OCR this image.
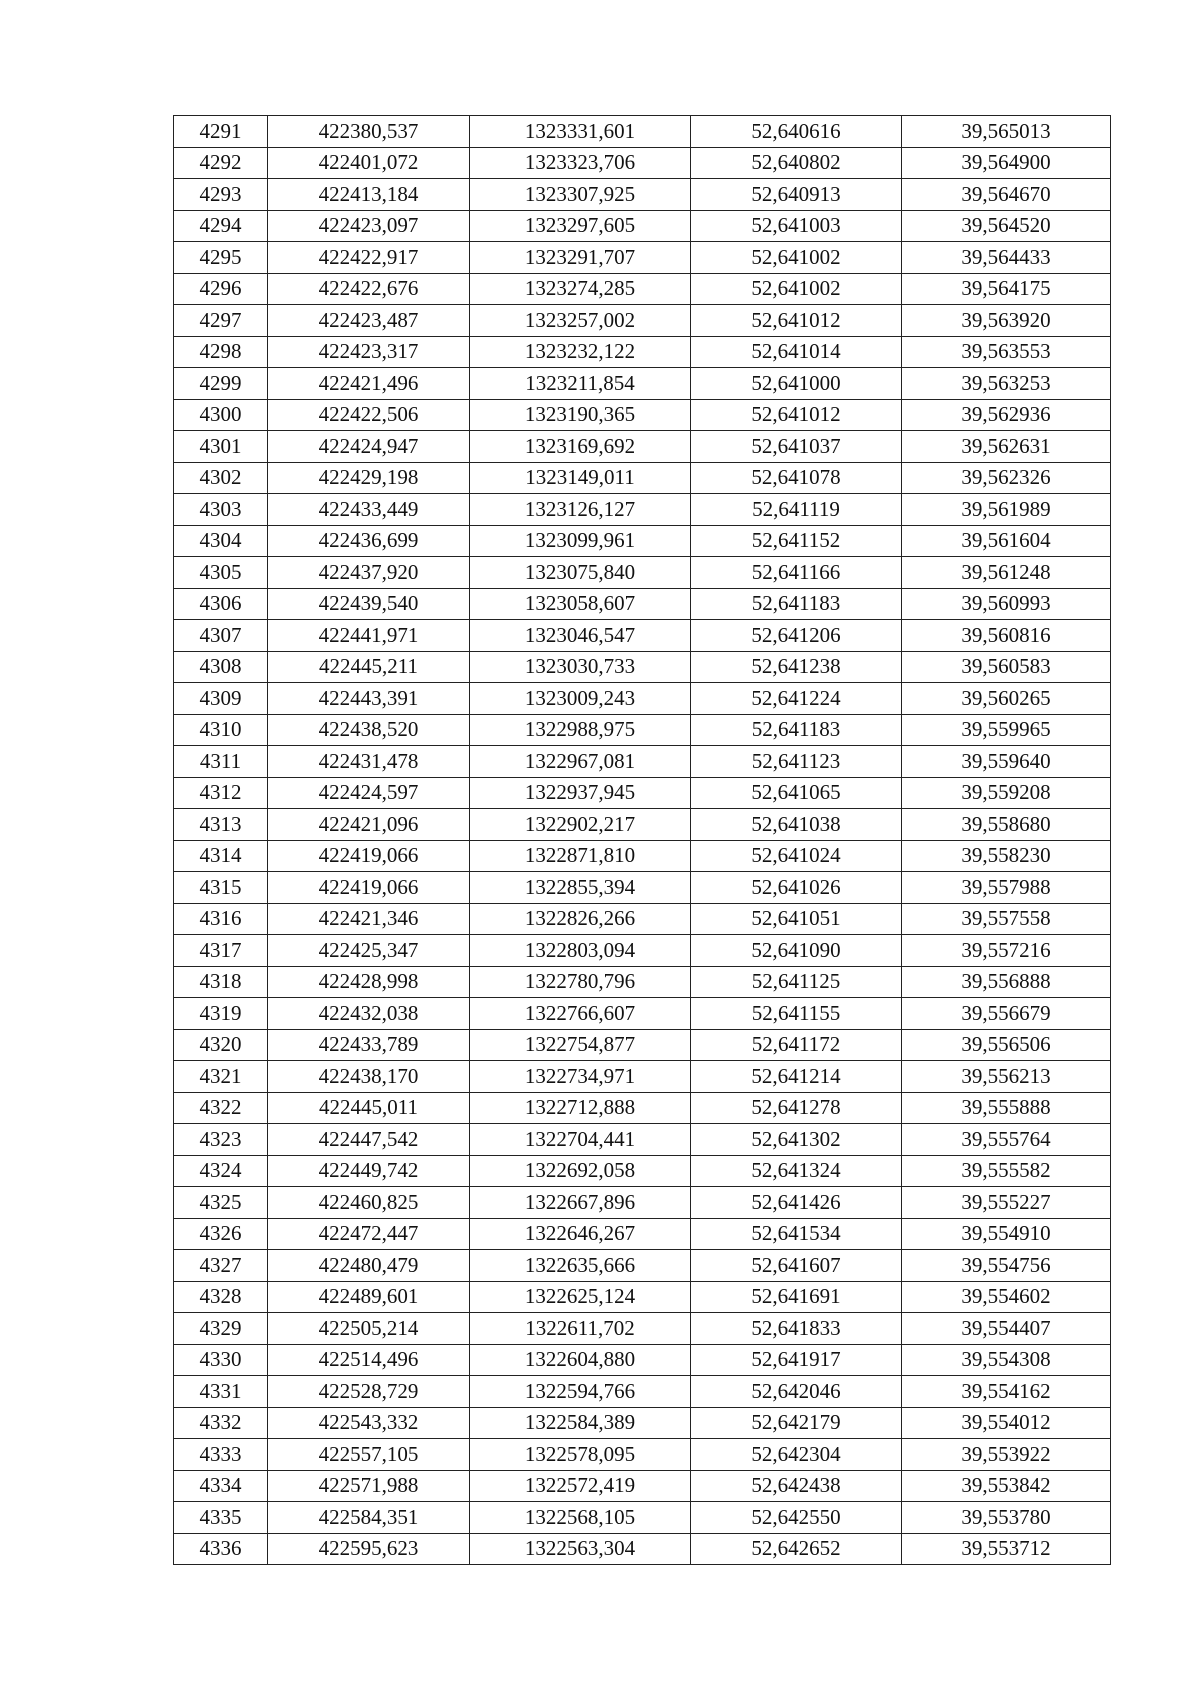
4291	422380,537	1323331,601	52,640616	39,565013
4292	422401,072	1323323,706	52,640802	39,564900
4293	422413,184	1323307,925	52,640913	39,564670
4294	422423,097	1323297,605	52,641003	39,564520
4295	422422,917	1323291,707	52,641002	39,564433
4296	422422,676	1323274,285	52,641002	39,564175
4297	422423,487	1323257,002	52,641012	39,563920
4298	422423,317	1323232,122	52,641014	39,563553
4299	422421,496	1323211,854	52,641000	39,563253
4300	422422,506	1323190,365	52,641012	39,562936
4301	422424,947	1323169,692	52,641037	39,562631
4302	422429,198	1323149,011	52,641078	39,562326
4303	422433,449	1323126,127	52,641119	39,561989
4304	422436,699	1323099,961	52,641152	39,561604
4305	422437,920	1323075,840	52,641166	39,561248
4306	422439,540	1323058,607	52,641183	39,560993
4307	422441,971	1323046,547	52,641206	39,560816
4308	422445,211	1323030,733	52,641238	39,560583
4309	422443,391	1323009,243	52,641224	39,560265
4310	422438,520	1322988,975	52,641183	39,559965
4311	422431,478	1322967,081	52,641123	39,559640
4312	422424,597	1322937,945	52,641065	39,559208
4313	422421,096	1322902,217	52,641038	39,558680
4314	422419,066	1322871,810	52,641024	39,558230
4315	422419,066	1322855,394	52,641026	39,557988
4316	422421,346	1322826,266	52,641051	39,557558
4317	422425,347	1322803,094	52,641090	39,557216
4318	422428,998	1322780,796	52,641125	39,556888
4319	422432,038	1322766,607	52,641155	39,556679
4320	422433,789	1322754,877	52,641172	39,556506
4321	422438,170	1322734,971	52,641214	39,556213
4322	422445,011	1322712,888	52,641278	39,555888
4323	422447,542	1322704,441	52,641302	39,555764
4324	422449,742	1322692,058	52,641324	39,555582
4325	422460,825	1322667,896	52,641426	39,555227
4326	422472,447	1322646,267	52,641534	39,554910
4327	422480,479	1322635,666	52,641607	39,554756
4328	422489,601	1322625,124	52,641691	39,554602
4329	422505,214	1322611,702	52,641833	39,554407
4330	422514,496	1322604,880	52,641917	39,554308
4331	422528,729	1322594,766	52,642046	39,554162
4332	422543,332	1322584,389	52,642179	39,554012
4333	422557,105	1322578,095	52,642304	39,553922
4334	422571,988	1322572,419	52,642438	39,553842
4335	422584,351	1322568,105	52,642550	39,553780
4336	422595,623	1322563,304	52,642652	39,553712
